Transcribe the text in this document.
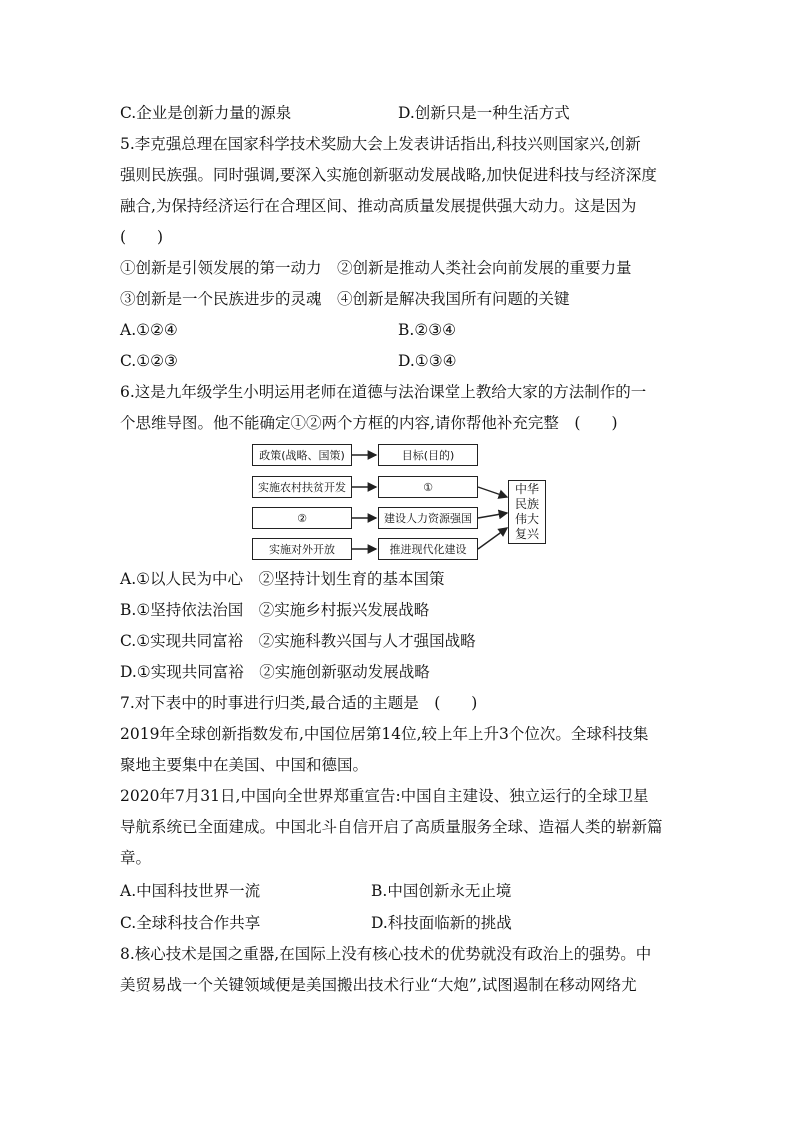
C.企业是创新力量的源泉	D.创新只是一种生活方式
5.李克强总理在国家科学技术奖励大会上发表讲话指出,科技兴则国家兴,创新
强则民族强。同时强调,要深入实施创新驱动发展战略,加快促进科技与经济深度
融合,为保持经济运行在合理区间、推动高质量发展提供强大动力。这是因为
(　　)
①创新是引领发展的第一动力　②创新是推动人类社会向前发展的重要力量
③创新是一个民族进步的灵魂　④创新是解决我国所有问题的关键
A.①②④	B.②③④
C.①②③	D.①③④
6.这是九年级学生小明运用老师在道德与法治课堂上教给大家的方法制作的一
个思维导图。他不能确定①②两个方框的内容,请你帮他补充完整　(　　)
政策(战略、国策)
实施农村扶贫开发
②
实施对外开放
目标(目的)
①
建设人力资源强国
推进现代化建设
中华
民族
伟大
复兴
A.①以人民为中心　②坚持计划生育的基本国策
B.①坚持依法治国　②实施乡村振兴发展战略
C.①实现共同富裕　②实施科教兴国与人才强国战略
D.①实现共同富裕　②实施创新驱动发展战略
7.对下表中的时事进行归类,最合适的主题是　(　　)
2019年全球创新指数发布,中国位居第14位,较上年上升3个位次。全球科技集
聚地主要集中在美国、中国和德国。
2020年7月31日,中国向全世界郑重宣告:中国自主建设、独立运行的全球卫星
导航系统已全面建成。中国北斗自信开启了高质量服务全球、造福人类的崭新篇
章。
A.中国科技世界一流	B.中国创新永无止境
C.全球科技合作共享	D.科技面临新的挑战
8.核心技术是国之重器,在国际上没有核心技术的优势就没有政治上的强势。中
美贸易战一个关键领域便是美国搬出技术行业“大炮”,试图遏制在移动网络尤
